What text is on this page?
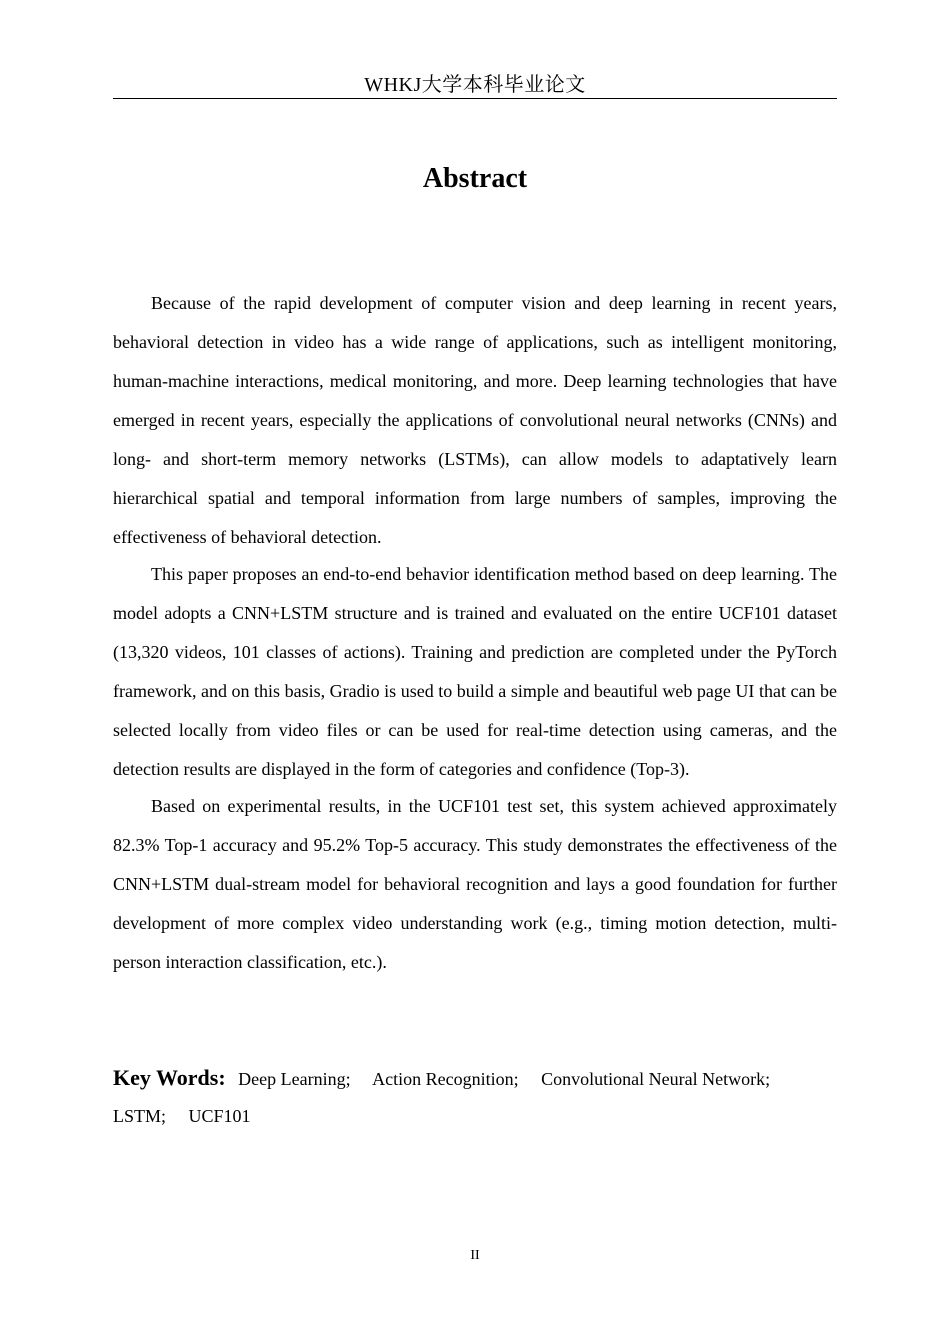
WHKJ大学本科毕业论文
Abstract

Because of the rapid development of computer vision and deep learning in recent years, behavioral detection in video has a wide range of applications, such as intelligent monitoring, human-machine interactions, medical monitoring, and more. Deep learning technologies that have emerged in recent years, especially the applications of convolutional neural networks (CNNs) and long- and short-term memory networks (LSTMs), can allow models to adaptatively learn hierarchical spatial and temporal information from large numbers of samples, improving the effectiveness of behavioral detection.

This paper proposes an end-to-end behavior identification method based on deep learning. The model adopts a CNN+LSTM structure and is trained and evaluated on the entire UCF101 dataset (13,320 videos, 101 classes of actions). Training and prediction are completed under the PyTorch framework, and on this basis, Gradio is used to build a simple and beautiful web page UI that can be selected locally from video files or can be used for real-time detection using cameras, and the detection results are displayed in the form of categories and confidence (Top-3).

Based on experimental results, in the UCF101 test set, this system achieved approximately 82.3% Top-1 accuracy and 95.2% Top-5 accuracy. This study demonstrates the effectiveness of the CNN+LSTM dual-stream model for behavioral recognition and lays a good foundation for further development of more complex video understanding work (e.g., timing motion detection, multi-person interaction classification, etc.).

Key Words: Deep Learning; Action Recognition; Convolutional Neural Network;
LSTM; UCF101
II
